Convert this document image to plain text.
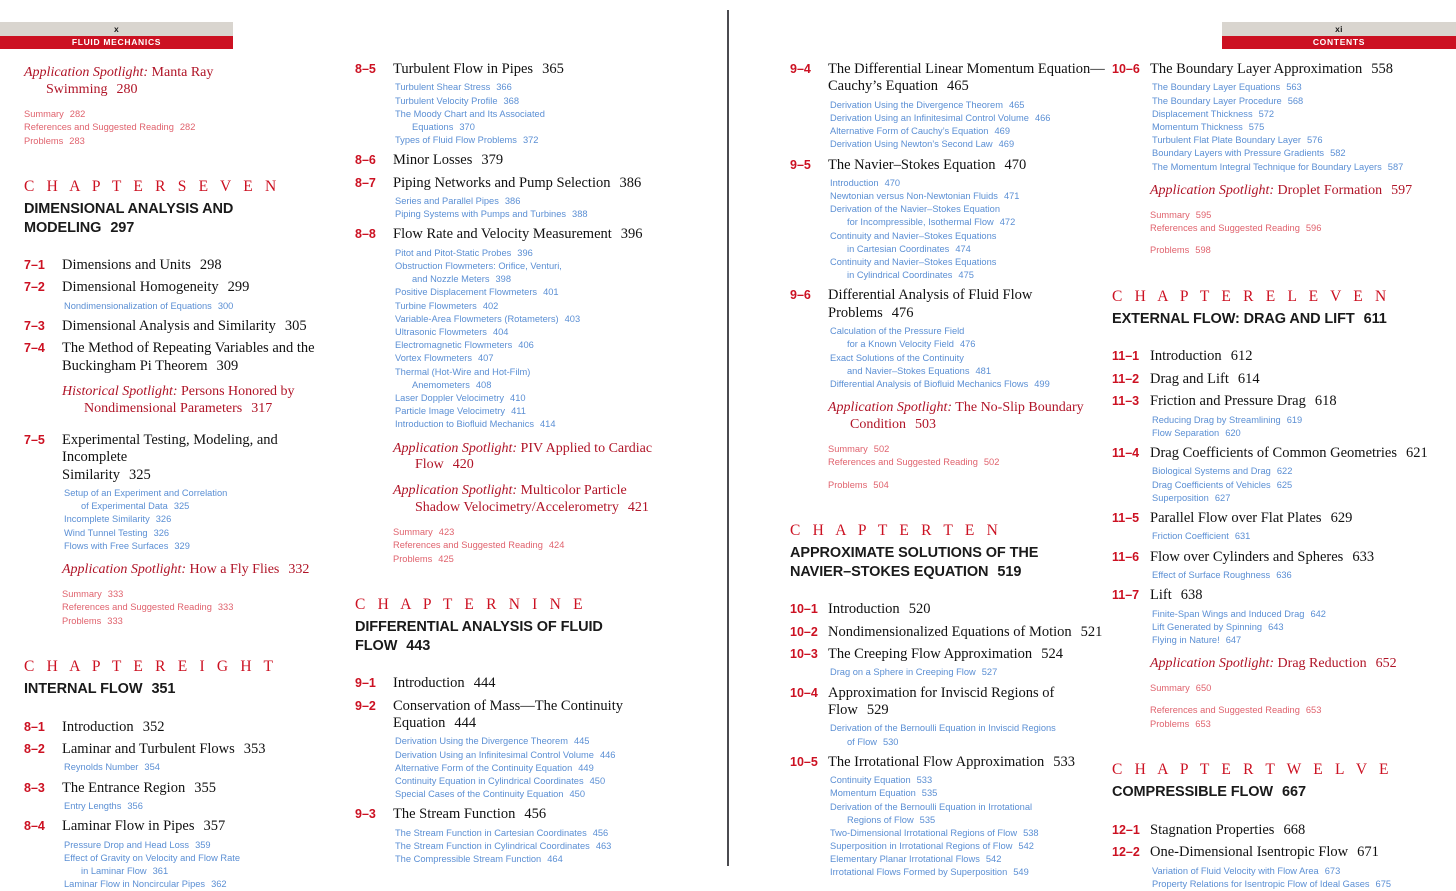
x
FLUID MECHANICS
xi
CONTENTS
Application Spotlight: Manta Ray
Swimming 280
Summary 282
References and Suggested Reading 282
Problems 283
C H A P T E R S E V E N
DIMENSIONAL ANALYSIS AND
MODELING 297
7–1	Dimensions and Units 298
7–2	Dimensional Homogeneity 299
Nondimensionalization of Equations 300
7–3	Dimensional Analysis and Similarity 305
7–4	The Method of Repeating Variables and the
Buckingham Pi Theorem 309
Historical Spotlight: Persons Honored by
Nondimensional Parameters 317
7–5	Experimental Testing, Modeling, and Incomplete
Similarity 325
Setup of an Experiment and Correlation
of Experimental Data 325
Incomplete Similarity 326
Wind Tunnel Testing 326
Flows with Free Surfaces 329
Application Spotlight: How a Fly Flies 332
Summary 333
References and Suggested Reading 333
Problems 333
C H A P T E R E I G H T
INTERNAL FLOW 351
8–1	Introduction 352
8–2	Laminar and Turbulent Flows 353
Reynolds Number 354
8–3	The Entrance Region 355
Entry Lengths 356
8–4	Laminar Flow in Pipes 357
Pressure Drop and Head Loss 359
Effect of Gravity on Velocity and Flow Rate
in Laminar Flow 361
Laminar Flow in Noncircular Pipes 362
8–5	Turbulent Flow in Pipes 365
Turbulent Shear Stress 366
Turbulent Velocity Profile 368
The Moody Chart and Its Associated
Equations 370
Types of Fluid Flow Problems 372
8–6	Minor Losses 379
8–7	Piping Networks and Pump Selection 386
Series and Parallel Pipes 386
Piping Systems with Pumps and Turbines 388
8–8	Flow Rate and Velocity Measurement 396
Pitot and Pitot-Static Probes 396
Obstruction Flowmeters: Orifice, Venturi,
and Nozzle Meters 398
Positive Displacement Flowmeters 401
Turbine Flowmeters 402
Variable-Area Flowmeters (Rotameters) 403
Ultrasonic Flowmeters 404
Electromagnetic Flowmeters 406
Vortex Flowmeters 407
Thermal (Hot-Wire and Hot-Film)
Anemometers 408
Laser Doppler Velocimetry 410
Particle Image Velocimetry 411
Introduction to Biofluid Mechanics 414
Application Spotlight: PIV Applied to Cardiac
Flow 420
Application Spotlight: Multicolor Particle
Shadow Velocimetry/Accelerometry 421
Summary 423
References and Suggested Reading 424
Problems 425
C H A P T E R N I N E
DIFFERENTIAL ANALYSIS OF FLUID
FLOW 443
9–1	Introduction 444
9–2	Conservation of Mass—The Continuity
Equation 444
Derivation Using the Divergence Theorem 445
Derivation Using an Infinitesimal Control Volume 446
Alternative Form of the Continuity Equation 449
Continuity Equation in Cylindrical Coordinates 450
Special Cases of the Continuity Equation 450
9–3	The Stream Function 456
The Stream Function in Cartesian Coordinates 456
The Stream Function in Cylindrical Coordinates 463
The Compressible Stream Function 464
9–4	The Differential Linear Momentum Equation—
Cauchy’s Equation 465
Derivation Using the Divergence Theorem 465
Derivation Using an Infinitesimal Control Volume 466
Alternative Form of Cauchy’s Equation 469
Derivation Using Newton’s Second Law 469
9–5	The Navier–Stokes Equation 470
Introduction 470
Newtonian versus Non-Newtonian Fluids 471
Derivation of the Navier–Stokes Equation
for Incompressible, Isothermal Flow 472
Continuity and Navier–Stokes Equations
in Cartesian Coordinates 474
Continuity and Navier–Stokes Equations
in Cylindrical Coordinates 475
9–6	Differential Analysis of Fluid Flow
Problems 476
Calculation of the Pressure Field
for a Known Velocity Field 476
Exact Solutions of the Continuity
and Navier–Stokes Equations 481
Differential Analysis of Biofluid Mechanics Flows 499
Application Spotlight: The No-Slip Boundary
Condition 503
Summary 502
References and Suggested Reading 502
Problems 504
C H A P T E R T E N
APPROXIMATE SOLUTIONS OF THE
NAVIER–STOKES EQUATION 519
10–1 Introduction 520
10–2 Nondimensionalized Equations of Motion 521
10–3 The Creeping Flow Approximation 524
Drag on a Sphere in Creeping Flow 527
10–4 Approximation for Inviscid Regions of Flow 529
Derivation of the Bernoulli Equation in Inviscid Regions
of Flow 530
10–5 The Irrotational Flow Approximation 533
Continuity Equation 533
Momentum Equation 535
Derivation of the Bernoulli Equation in Irrotational
Regions of Flow 535
Two-Dimensional Irrotational Regions of Flow 538
Superposition in Irrotational Regions of Flow 542
Elementary Planar Irrotational Flows 542
Irrotational Flows Formed by Superposition 549
10–6 The Boundary Layer Approximation 558
The Boundary Layer Equations 563
The Boundary Layer Procedure 568
Displacement Thickness 572
Momentum Thickness 575
Turbulent Flat Plate Boundary Layer 576
Boundary Layers with Pressure Gradients 582
The Momentum Integral Technique for Boundary Layers 587
Application Spotlight: Droplet Formation 597
Summary 595
References and Suggested Reading 596
Problems 598
C H A P T E R E L E V E N
EXTERNAL FLOW: DRAG AND LIFT 611
11–1 Introduction 612
11–2 Drag and Lift 614
11–3 Friction and Pressure Drag 618
Reducing Drag by Streamlining 619
Flow Separation 620
11–4 Drag Coefficients of Common Geometries 621
Biological Systems and Drag 622
Drag Coefficients of Vehicles 625
Superposition 627
11–5 Parallel Flow over Flat Plates 629
Friction Coefficient 631
11–6 Flow over Cylinders and Spheres 633
Effect of Surface Roughness 636
11–7 Lift 638
Finite-Span Wings and Induced Drag 642
Lift Generated by Spinning 643
Flying in Nature! 647
Application Spotlight: Drag Reduction 652
Summary 650
References and Suggested Reading 653
Problems 653
C H A P T E R T W E L V E
COMPRESSIBLE FLOW 667
12–1 Stagnation Properties 668
12–2 One-Dimensional Isentropic Flow 671
Variation of Fluid Velocity with Flow Area 673
Property Relations for Isentropic Flow of Ideal Gases 675
